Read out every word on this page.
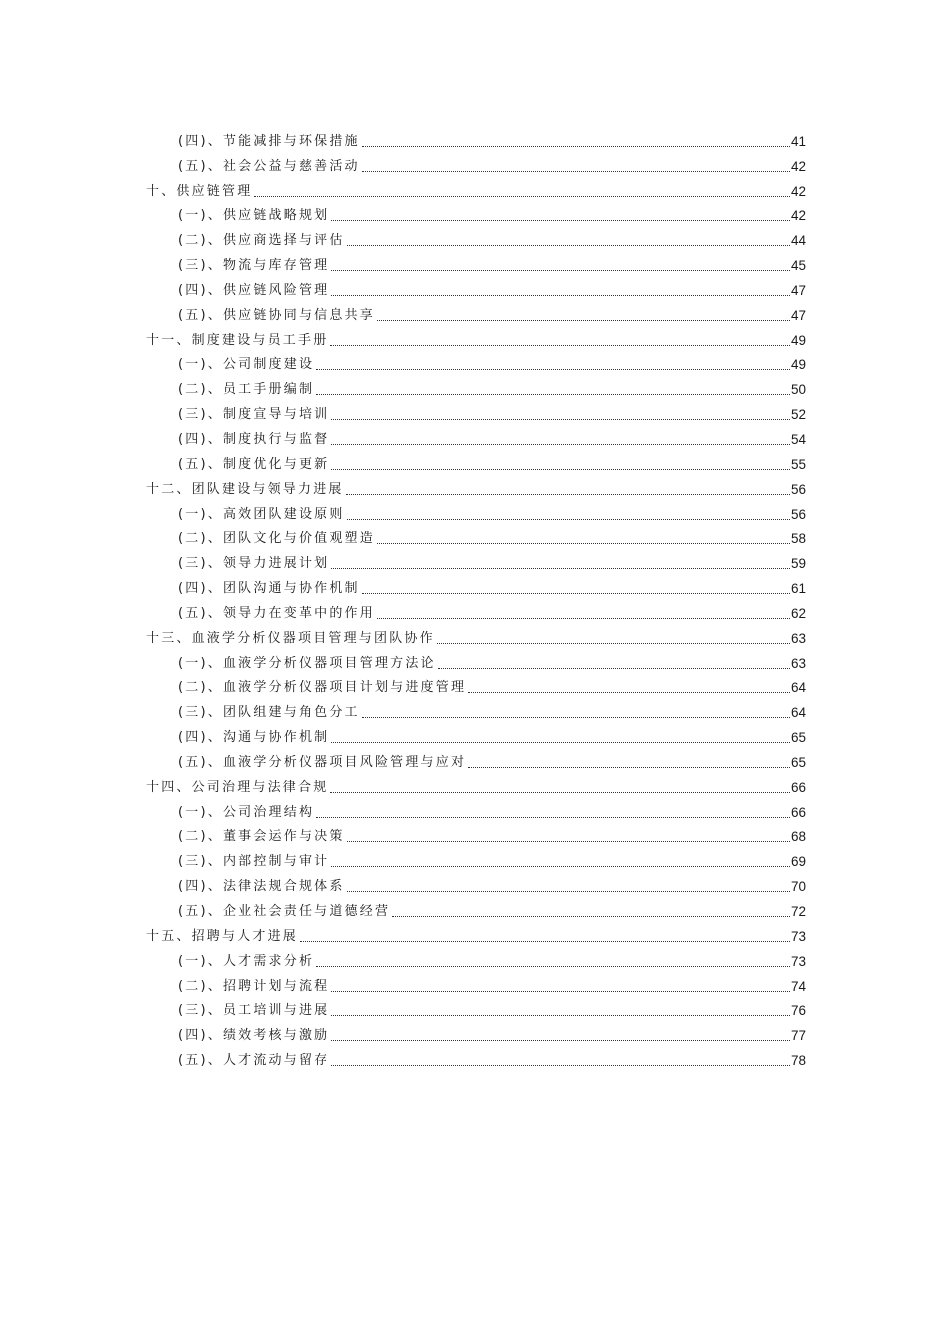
(四)、节能减排与环保措施	41
(五)、社会公益与慈善活动	42
十、供应链管理	42
(一)、供应链战略规划	42
(二)、供应商选择与评估	44
(三)、物流与库存管理	45
(四)、供应链风险管理	47
(五)、供应链协同与信息共享	47
十一、制度建设与员工手册	49
(一)、公司制度建设	49
(二)、员工手册编制	50
(三)、制度宣导与培训	52
(四)、制度执行与监督	54
(五)、制度优化与更新	55
十二、团队建设与领导力进展	56
(一)、高效团队建设原则	56
(二)、团队文化与价值观塑造	58
(三)、领导力进展计划	59
(四)、团队沟通与协作机制	61
(五)、领导力在变革中的作用	62
十三、血液学分析仪器项目管理与团队协作	63
(一)、血液学分析仪器项目管理方法论	63
(二)、血液学分析仪器项目计划与进度管理	64
(三)、团队组建与角色分工	64
(四)、沟通与协作机制	65
(五)、血液学分析仪器项目风险管理与应对	65
十四、公司治理与法律合规	66
(一)、公司治理结构	66
(二)、董事会运作与决策	68
(三)、内部控制与审计	69
(四)、法律法规合规体系	70
(五)、企业社会责任与道德经营	72
十五、招聘与人才进展	73
(一)、人才需求分析	73
(二)、招聘计划与流程	74
(三)、员工培训与进展	76
(四)、绩效考核与激励	77
(五)、人才流动与留存	78
